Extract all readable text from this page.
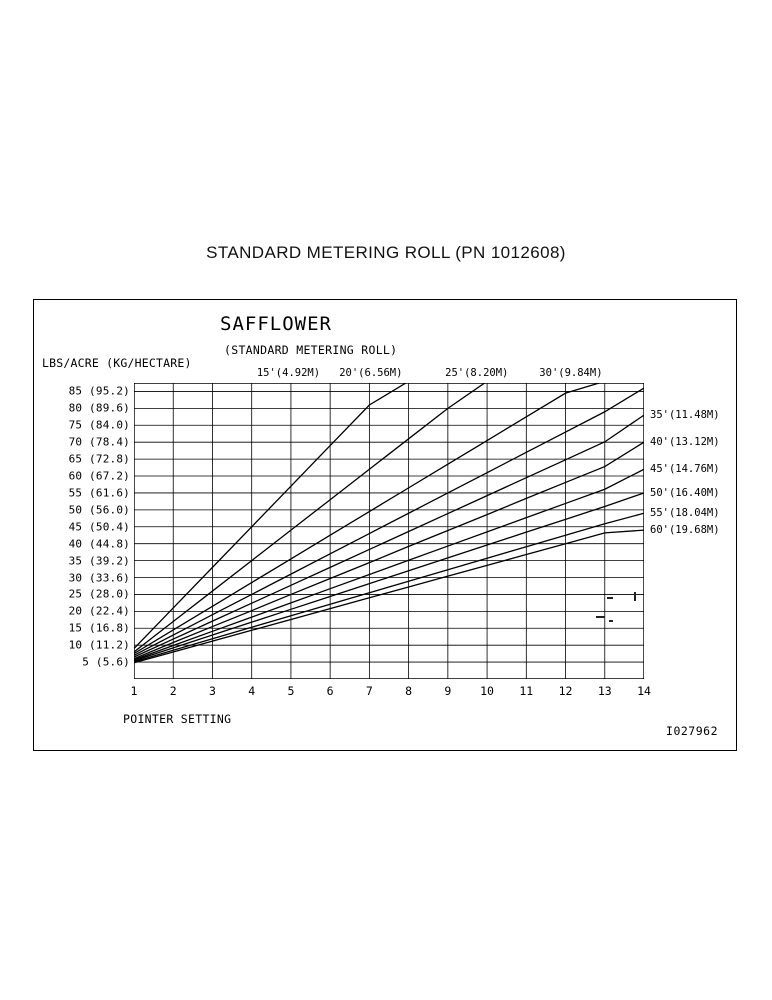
STANDARD METERING ROLL (PN 1012608)
SAFFLOWER
(STANDARD METERING ROLL)
LBS/ACRE (KG/HECTARE)
POINTER SETTING
I027962
85 (95.2)
80 (89.6)
75 (84.0)
70 (78.4)
65 (72.8)
60 (67.2)
55 (61.6)
50 (56.0)
45 (50.4)
40 (44.8)
35 (39.2)
30 (33.6)
25 (28.0)
20 (22.4)
15 (16.8)
10 (11.2)
5 (5.6)
1	2	3	4	5	6	7	8	9	10 11 12 13 14
15'(4.92M) 20'(6.56M)	25'(8.20M)	30'(9.84M)
35'(11.48M)
40'(13.12M)
45'(14.76M)
50'(16.40M)
55'(18.04M)
60'(19.68M)
